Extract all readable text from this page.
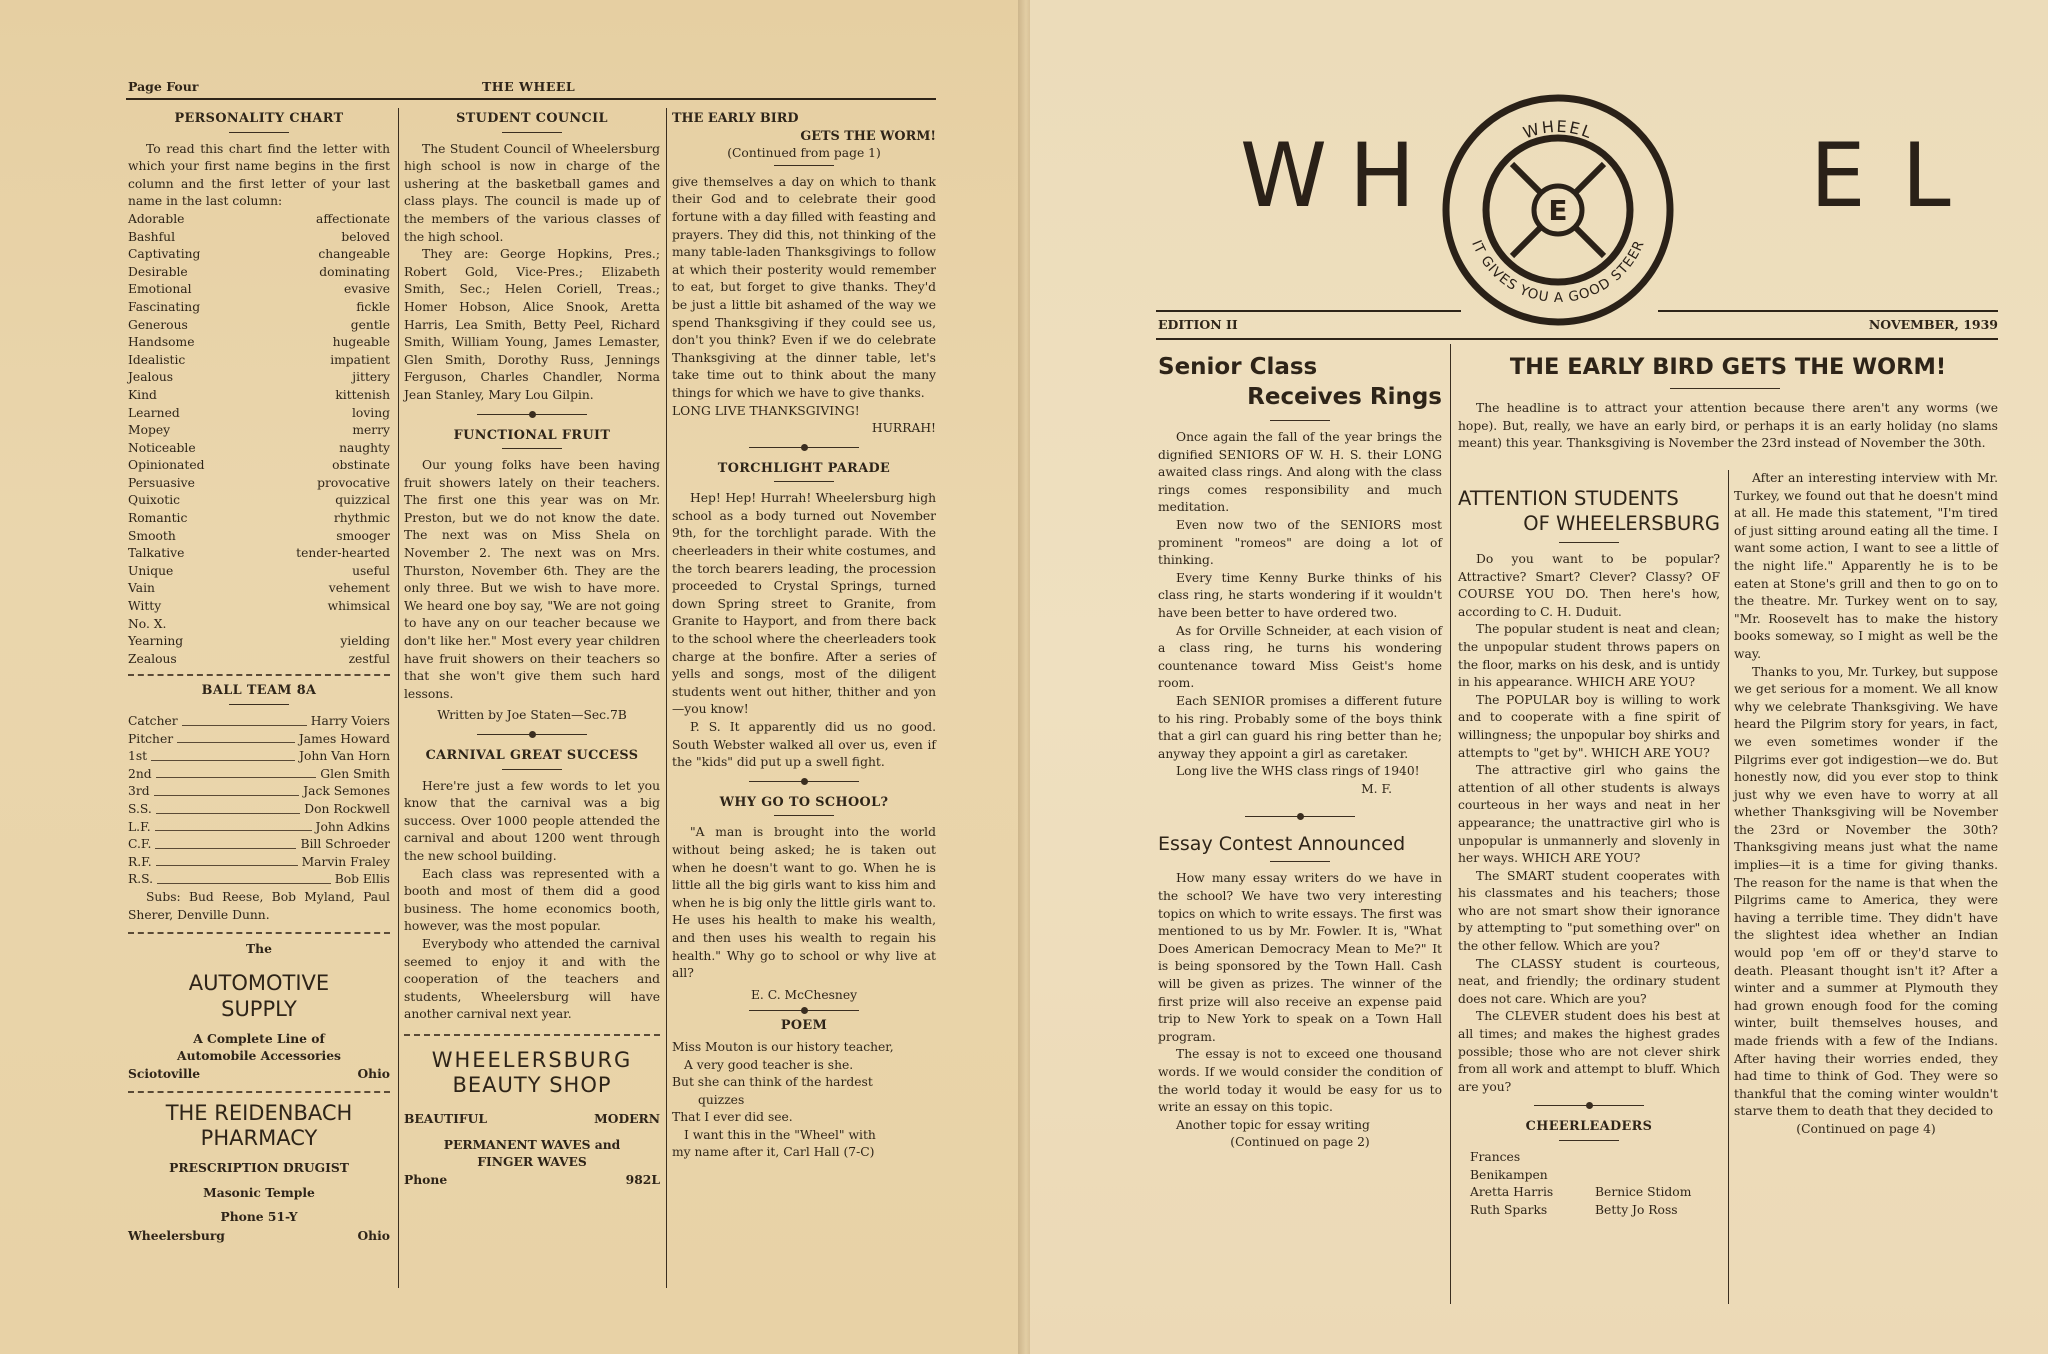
Page Four	THE WHEEL
PERSONALITY CHART

To read this chart find the letter with which your first name begins in the first column and the first letter of your last name in the last column:

Adorable	affectionate
Bashful	beloved
Captivating	changeable
Desirable	dominating
Emotional	evasive
Fascinating	fickle
Generous	gentle
Handsome	hugeable
Idealistic	impatient
Jealous	jittery
Kind	kittenish
Learned	loving
Mopey	merry
Noticeable	naughty
Opinionated	obstinate
Persuasive	provocative
Quixotic	quizzical
Romantic	rhythmic
Smooth	smooger
Talkative	tender-hearted
Unique	useful
Vain	vehement
Witty	whimsical
No. X.
Yearning	yielding
Zealous	zestful
BALL TEAM 8A
Catcher	Harry Voiers
Pitcher	James Howard
1st	John Van Horn
2nd	Glen Smith
3rd	Jack Semones
S.S.	Don Rockwell
L.F.	John Adkins
C.F.	Bill Schroeder
R.F.	Marvin Fraley
R.S.	Bob Ellis

Subs: Bud Reese, Bob Myland, Paul Sherer, Denville Dunn.

The
AUTOMOTIVE
SUPPLY
A Complete Line of
Automobile Accessories
Sciotoville	Ohio
THE REIDENBACH
PHARMACY
PRESCRIPTION DRUGIST
Masonic Temple
Phone 51-Y
Wheelersburg	Ohio
STUDENT COUNCIL

The Student Council of Wheelersburg high school is now in charge of the ushering at the basketball games and class plays. The council is made up of the members of the various classes of the high school.

They are: George Hopkins, Pres.; Robert Gold, Vice-Pres.; Elizabeth Smith, Sec.; Helen Coriell, Treas.; Homer Hobson, Alice Snook, Aretta Harris, Lea Smith, Betty Peel, Richard Smith, William Young, James Lemaster, Glen Smith, Dorothy Russ, Jennings Ferguson, Charles Chandler, Norma Jean Stanley, Mary Lou Gilpin.

FUNCTIONAL FRUIT

Our young folks have been having fruit showers lately on their teachers. The first one this year was on Mr. Preston, but we do not know the date. The next was on Miss Shela on November 2. The next was on Mrs. Thurston, November 6th. They are the only three. But we wish to have more. We heard one boy say, "We are not going to have any on our teacher because we don't like her." Most every year children have fruit showers on their teachers so that she won't give them such hard lessons.

Written by Joe Staten—Sec.7B
CARNIVAL GREAT SUCCESS

Here're just a few words to let you know that the carnival was a big success. Over 1000 people attended the carnival and about 1200 went through the new school building.

Each class was represented with a booth and most of them did a good business. The home economics booth, however, was the most popular.

Everybody who attended the carnival seemed to enjoy it and with the cooperation of the teachers and students, Wheelersburg will have another carnival next year.

WHEELERSBURG
BEAUTY SHOP
BEAUTIFUL	MODERN
PERMANENT WAVES and
FINGER WAVES
Phone	982L
THE EARLY BIRD
GETS THE WORM!
(Continued from page 1)

give themselves a day on which to thank their God and to celebrate their good fortune with a day filled with feasting and prayers. They did this, not thinking of the many table-laden Thanksgivings to follow at which their posterity would remember to eat, but forget to give thanks. They'd be just a little bit ashamed of the way we spend Thanksgiving if they could see us, don't you think? Even if we do celebrate Thanksgiving at the dinner table, let's take time out to think about the many things for which we have to give thanks.

LONG LIVE THANKSGIVING!

HURRAH!
TORCHLIGHT PARADE

Hep! Hep! Hurrah! Wheelersburg high school as a body turned out November 9th, for the torchlight parade. With the cheerleaders in their white costumes, and the torch bearers leading, the procession proceeded to Crystal Springs, turned down Spring street to Granite, from Granite to Hayport, and from there back to the school where the cheerleaders took charge at the bonfire. After a series of yells and songs, most of the diligent students went out hither, thither and yon—you know!

P. S. It apparently did us no good. South Webster walked all over us, even if the "kids" did put up a swell fight.

WHY GO TO SCHOOL?

"A man is brought into the world without being asked; he is taken out when he doesn't want to go. When he is little all the big girls want to kiss him and when he is big only the little girls want to. He uses his health to make his wealth, and then uses his wealth to regain his health." Why go to school or why live at all?

E. C. McChesney
POEM
Miss Mouton is our history teacher,
A very good teacher is she.
But she can think of the hardest
quizzes
That I ever did see.
I want this in the "Wheel" with
my name after it, Carl Hall (7-C)
WH	EL
E
WHEEL
IT GIVES YOU A GOOD STEER
EDITION II	NOVEMBER, 1939
Senior Class
Receives Rings

Once again the fall of the year brings the dignified SENIORS OF W. H. S. their LONG awaited class rings. And along with the class rings comes responsibility and much meditation.

Even now two of the SENIORS most prominent "romeos" are doing a lot of thinking.

Every time Kenny Burke thinks of his class ring, he starts wondering if it wouldn't have been better to have ordered two.

As for Orville Schneider, at each vision of a class ring, he turns his wondering countenance toward Miss Geist's home room.

Each SENIOR promises a different future to his ring. Probably some of the boys think that a girl can guard his ring better than he; anyway they appoint a girl as caretaker.

Long live the WHS class rings of 1940!

M. F.
Essay Contest Announced

How many essay writers do we have in the school? We have two very interesting topics on which to write essays. The first was mentioned to us by Mr. Fowler. It is, "What Does American Democracy Mean to Me?" It is being sponsored by the Town Hall. Cash will be given as prizes. The winner of the first prize will also receive an expense paid trip to New York to speak on a Town Hall program.

The essay is not to exceed one thousand words. If we would consider the condition of the world today it would be easy for us to write an essay on this topic.

Another topic for essay writing

(Continued on page 2)
THE EARLY BIRD GETS THE WORM!

The headline is to attract your attention because there aren't any worms (we hope). But, really, we have an early bird, or perhaps it is an early holiday (no slams meant) this year. Thanksgiving is November the 23rd instead of November the 30th.

ATTENTION STUDENTS
OF WHEELERSBURG

Do you want to be popular? Attractive? Smart? Clever? Classy? OF COURSE YOU DO. Then here's how, according to C. H. Duduit.

The popular student is neat and clean; the unpopular student throws papers on the floor, marks on his desk, and is untidy in his appearance. WHICH ARE YOU?

The POPULAR boy is willing to work and to cooperate with a fine spirit of willingness; the unpopular boy shirks and attempts to "get by". WHICH ARE YOU?

The attractive girl who gains the attention of all other students is always courteous in her ways and neat in her appearance; the unattractive girl who is unpopular is unmannerly and slovenly in her ways. WHICH ARE YOU?

The SMART student cooperates with his classmates and his teachers; those who are not smart show their ignorance by attempting to "put something over" on the other fellow. Which are you?

The CLASSY student is courteous, neat, and friendly; the ordinary student does not care. Which are you?

The CLEVER student does his best at all times; and makes the highest grades possible; those who are not clever shirk from all work and attempt to bluff. Which are you?

CHEERLEADERS
Frances Benikampen
Aretta Harris	Bernice Stidom
Ruth Sparks	Betty Jo Ross

After an interesting interview with Mr. Turkey, we found out that he doesn't mind at all. He made this statement, "I'm tired of just sitting around eating all the time. I want some action, I want to see a little of the night life." Apparently he is to be eaten at Stone's grill and then to go on to the theatre. Mr. Turkey went on to say, "Mr. Roosevelt has to make the history books someway, so I might as well be the way.

Thanks to you, Mr. Turkey, but suppose we get serious for a moment. We all know why we celebrate Thanksgiving. We have heard the Pilgrim story for years, in fact, we even sometimes wonder if the Pilgrims ever got indigestion—we do. But honestly now, did you ever stop to think just why we even have to worry at all whether Thanksgiving will be November the 23rd or November the 30th? Thanksgiving means just what the name implies—it is a time for giving thanks. The reason for the name is that when the Pilgrims came to America, they were having a terrible time. They didn't have the slightest idea whether an Indian would pop 'em off or they'd starve to death. Pleasant thought isn't it? After a winter and a summer at Plymouth they had grown enough food for the coming winter, built themselves houses, and made friends with a few of the Indians. After having their worries ended, they had time to think of God. They were so thankful that the coming winter wouldn't starve them to death that they decided to

(Continued on page 4)
